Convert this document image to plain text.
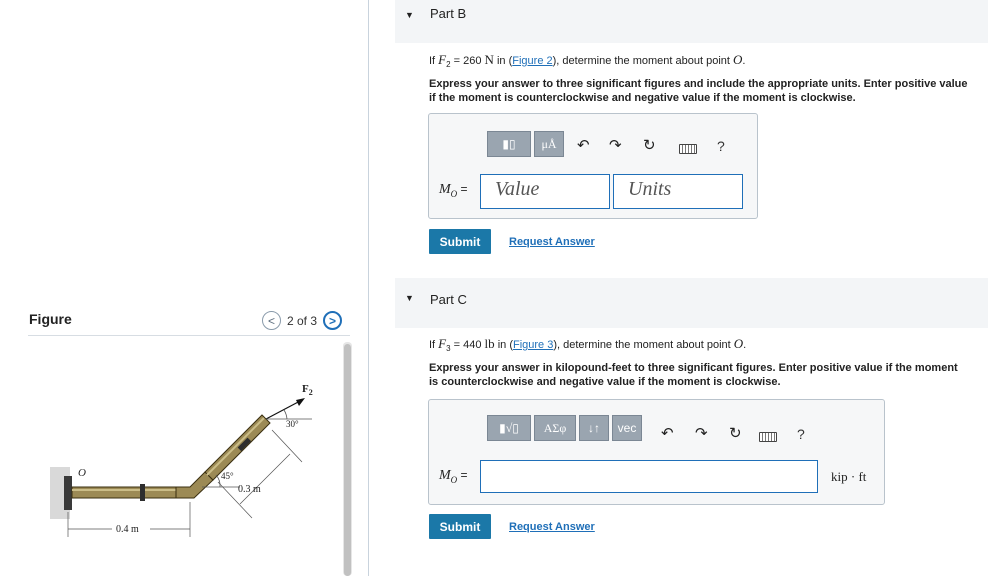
Figure	<	2 of 3 >
O
$F_2$
30°
45°
0.3 m
0.4 m
▼ Part B
If $F_2 = 260$ N in (Figure 2), determine the moment about point O.
Express your answer to three significant figures and include the appropriate units. Enter positive value if the moment is counterclockwise and negative value if the moment is clockwise.
▮▯	μÅ	↶ ↷ ↻	?
$M_O$ =	Value	Units
Submit	Request Answer
▼ Part C
If $F_3 = 440$ lb in (Figure 3), determine the moment about point O.
Express your answer in kilopound-feet to three significant figures. Enter positive value if the moment is counterclockwise and negative value if the moment is clockwise.
▮√▯	ΑΣφ	↓↑	vec	↶ ↷ ↻	?
$M_O$ =	kip · ft
Submit	Request Answer
